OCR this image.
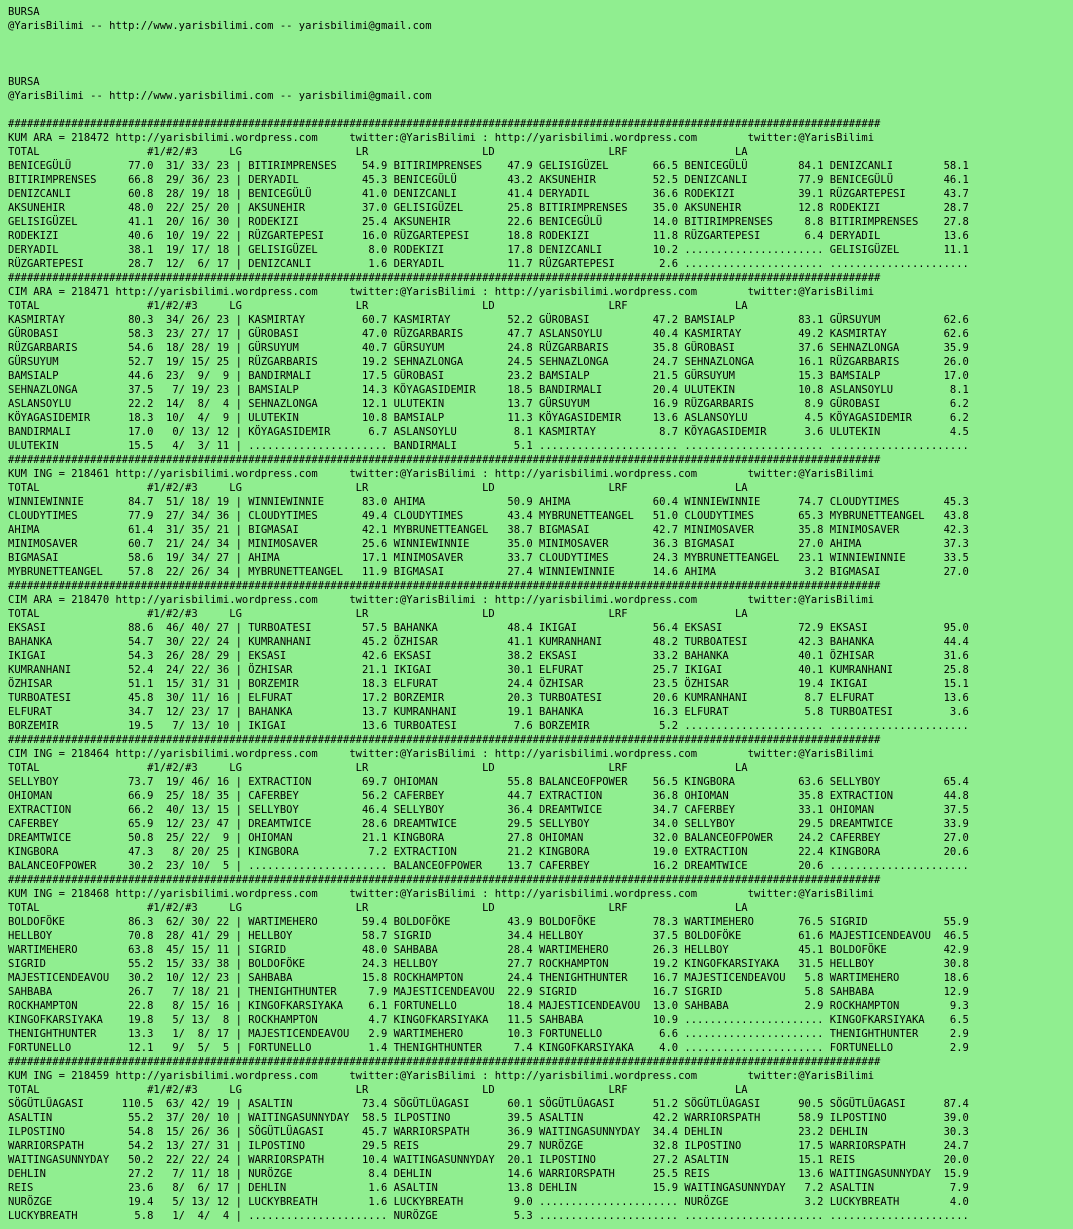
BURSA
@YarisBilimi -- http://www.yarisbilimi.com -- yarisbilimi@gmail.com
BURSA
@YarisBilimi -- http://www.yarisbilimi.com -- yarisbilimi@gmail.com
##########################################################################################################################################
KUM ARA = 218472 http://yarisbilimi.wordpress.com     twitter:@YarisBilimi : http://yarisbilimi.wordpress.com        twitter:@YarisBilimi
TOTAL                 #1/#2/#3     LG                  LR                  LD                  LRF                 LA
BENICEGÜLÜ         77.0  31/ 33/ 23 | BITIRIMPRENSES    54.9 BITIRIMPRENSES    47.9 GELISIGÜZEL       66.5 BENICEGÜLÜ        84.1 DENIZCANLI        58.1
BITIRIMPRENSES     66.8  29/ 36/ 23 | DERYADIL          45.3 BENICEGÜLÜ        43.2 AKSUNEHIR         52.5 DENIZCANLI        77.9 BENICEGÜLÜ        46.1
DENIZCANLI         60.8  28/ 19/ 18 | BENICEGÜLÜ        41.0 DENIZCANLI        41.4 DERYADIL          36.6 RODEKIZI          39.1 RÜZGARTEPESI      43.7
AKSUNEHIR          48.0  22/ 25/ 20 | AKSUNEHIR         37.0 GELISIGÜZEL       25.8 BITIRIMPRENSES    35.0 AKSUNEHIR         12.8 RODEKIZI          28.7
GELISIGÜZEL        41.1  20/ 16/ 30 | RODEKIZI          25.4 AKSUNEHIR         22.6 BENICEGÜLÜ        14.0 BITIRIMPRENSES     8.8 BITIRIMPRENSES    27.8
RODEKIZI           40.6  10/ 19/ 22 | RÜZGARTEPESI      16.0 RÜZGARTEPESI      18.8 RODEKIZI          11.8 RÜZGARTEPESI       6.4 DERYADIL          13.6
DERYADIL           38.1  19/ 17/ 18 | GELISIGÜZEL        8.0 RODEKIZI          17.8 DENIZCANLI        10.2 ...................... GELISIGÜZEL       11.1
RÜZGARTEPESI       28.7  12/  6/ 17 | DENIZCANLI         1.6 DERYADIL          11.7 RÜZGARTEPESI       2.6 ...................... ......................
##########################################################################################################################################
CIM ARA = 218471 http://yarisbilimi.wordpress.com     twitter:@YarisBilimi : http://yarisbilimi.wordpress.com        twitter:@YarisBilimi
TOTAL                 #1/#2/#3     LG                  LR                  LD                  LRF                 LA
KASMIRTAY          80.3  34/ 26/ 23 | KASMIRTAY         60.7 KASMIRTAY         52.2 GÜROBASI          47.2 BAMSIALP          83.1 GÜRSUYUM          62.6
GÜROBASI           58.3  23/ 27/ 17 | GÜROBASI          47.0 RÜZGARBARIS       47.7 ASLANSOYLU        40.4 KASMIRTAY         49.2 KASMIRTAY         62.6
RÜZGARBARIS        54.6  18/ 28/ 19 | GÜRSUYUM          40.7 GÜRSUYUM          24.8 RÜZGARBARIS       35.8 GÜROBASI          37.6 SEHNAZLONGA       35.9
GÜRSUYUM           52.7  19/ 15/ 25 | RÜZGARBARIS       19.2 SEHNAZLONGA       24.5 SEHNAZLONGA       24.7 SEHNAZLONGA       16.1 RÜZGARBARIS       26.0
BAMSIALP           44.6  23/  9/  9 | BANDIRMALI        17.5 GÜROBASI          23.2 BAMSIALP          21.5 GÜRSUYUM          15.3 BAMSIALP          17.0
SEHNAZLONGA        37.5   7/ 19/ 23 | BAMSIALP          14.3 KÖYAGASIDEMIR     18.5 BANDIRMALI        20.4 ULUTEKIN          10.8 ASLANSOYLU         8.1
ASLANSOYLU         22.2  14/  8/  4 | SEHNAZLONGA       12.1 ULUTEKIN          13.7 GÜRSUYUM          16.9 RÜZGARBARIS        8.9 GÜROBASI           6.2
KÖYAGASIDEMIR      18.3  10/  4/  9 | ULUTEKIN          10.8 BAMSIALP          11.3 KÖYAGASIDEMIR     13.6 ASLANSOYLU         4.5 KÖYAGASIDEMIR      6.2
BANDIRMALI         17.0   0/ 13/ 12 | KÖYAGASIDEMIR      6.7 ASLANSOYLU         8.1 KASMIRTAY          8.7 KÖYAGASIDEMIR      3.6 ULUTEKIN           4.5
ULUTEKIN           15.5   4/  3/ 11 | ...................... BANDIRMALI         5.1 ...................... ...................... ......................
##########################################################################################################################################
KUM ING = 218461 http://yarisbilimi.wordpress.com     twitter:@YarisBilimi : http://yarisbilimi.wordpress.com        twitter:@YarisBilimi
TOTAL                 #1/#2/#3     LG                  LR                  LD                  LRF                 LA
WINNIEWINNIE       84.7  51/ 18/ 19 | WINNIEWINNIE      83.0 AHIMA             50.9 AHIMA             60.4 WINNIEWINNIE      74.7 CLOUDYTIMES       45.3
CLOUDYTIMES        77.9  27/ 34/ 36 | CLOUDYTIMES       49.4 CLOUDYTIMES       43.4 MYBRUNETTEANGEL   51.0 CLOUDYTIMES       65.3 MYBRUNETTEANGEL   43.8
AHIMA              61.4  31/ 35/ 21 | BIGMASAI          42.1 MYBRUNETTEANGEL   38.7 BIGMASAI          42.7 MINIMOSAVER       35.8 MINIMOSAVER       42.3
MINIMOSAVER        60.7  21/ 24/ 34 | MINIMOSAVER       25.6 WINNIEWINNIE      35.0 MINIMOSAVER       36.3 BIGMASAI          27.0 AHIMA             37.3
BIGMASAI           58.6  19/ 34/ 27 | AHIMA             17.1 MINIMOSAVER       33.7 CLOUDYTIMES       24.3 MYBRUNETTEANGEL   23.1 WINNIEWINNIE      33.5
MYBRUNETTEANGEL    57.8  22/ 26/ 34 | MYBRUNETTEANGEL   11.9 BIGMASAI          27.4 WINNIEWINNIE      14.6 AHIMA              3.2 BIGMASAI          27.0
##########################################################################################################################################
CIM ARA = 218470 http://yarisbilimi.wordpress.com     twitter:@YarisBilimi : http://yarisbilimi.wordpress.com        twitter:@YarisBilimi
TOTAL                 #1/#2/#3     LG                  LR                  LD                  LRF                 LA
EKSASI             88.6  46/ 40/ 27 | TURBOATESI        57.5 BAHANKA           48.4 IKIGAI            56.4 EKSASI            72.9 EKSASI            95.0
BAHANKA            54.7  30/ 22/ 24 | KUMRANHANI        45.2 ÖZHISAR           41.1 KUMRANHANI        48.2 TURBOATESI        42.3 BAHANKA           44.4
IKIGAI             54.3  26/ 28/ 29 | EKSASI            42.6 EKSASI            38.2 EKSASI            33.2 BAHANKA           40.1 ÖZHISAR           31.6
KUMRANHANI         52.4  24/ 22/ 36 | ÖZHISAR           21.1 IKIGAI            30.1 ELFURAT           25.7 IKIGAI            40.1 KUMRANHANI        25.8
ÖZHISAR            51.1  15/ 31/ 31 | BORZEMIR          18.3 ELFURAT           24.4 ÖZHISAR           23.5 ÖZHISAR           19.4 IKIGAI            15.1
TURBOATESI         45.8  30/ 11/ 16 | ELFURAT           17.2 BORZEMIR          20.3 TURBOATESI        20.6 KUMRANHANI         8.7 ELFURAT           13.6
ELFURAT            34.7  12/ 23/ 17 | BAHANKA           13.7 KUMRANHANI        19.1 BAHANKA           16.3 ELFURAT            5.8 TURBOATESI         3.6
BORZEMIR           19.5   7/ 13/ 10 | IKIGAI            13.6 TURBOATESI         7.6 BORZEMIR           5.2 ...................... ......................
##########################################################################################################################################
CIM ING = 218464 http://yarisbilimi.wordpress.com     twitter:@YarisBilimi : http://yarisbilimi.wordpress.com        twitter:@YarisBilimi
TOTAL                 #1/#2/#3     LG                  LR                  LD                  LRF                 LA
SELLYBOY           73.7  19/ 46/ 16 | EXTRACTION        69.7 OHIOMAN           55.8 BALANCEOFPOWER    56.5 KINGBORA          63.6 SELLYBOY          65.4
OHIOMAN            66.9  25/ 18/ 35 | CAFERBEY          56.2 CAFERBEY          44.7 EXTRACTION        36.8 OHIOMAN           35.8 EXTRACTION        44.8
EXTRACTION         66.2  40/ 13/ 15 | SELLYBOY          46.4 SELLYBOY          36.4 DREAMTWICE        34.7 CAFERBEY          33.1 OHIOMAN           37.5
CAFERBEY           65.9  12/ 23/ 47 | DREAMTWICE        28.6 DREAMTWICE        29.5 SELLYBOY          34.0 SELLYBOY          29.5 DREAMTWICE        33.9
DREAMTWICE         50.8  25/ 22/  9 | OHIOMAN           21.1 KINGBORA          27.8 OHIOMAN           32.0 BALANCEOFPOWER    24.2 CAFERBEY          27.0
KINGBORA           47.3   8/ 20/ 25 | KINGBORA           7.2 EXTRACTION        21.2 KINGBORA          19.0 EXTRACTION        22.4 KINGBORA          20.6
BALANCEOFPOWER     30.2  23/ 10/  5 | ...................... BALANCEOFPOWER    13.7 CAFERBEY          16.2 DREAMTWICE        20.6 ......................
##########################################################################################################################################
KUM ING = 218468 http://yarisbilimi.wordpress.com     twitter:@YarisBilimi : http://yarisbilimi.wordpress.com        twitter:@YarisBilimi
TOTAL                 #1/#2/#3     LG                  LR                  LD                  LRF                 LA
BOLDOFÖKE          86.3  62/ 30/ 22 | WARTIMEHERO       59.4 BOLDOFÖKE         43.9 BOLDOFÖKE         78.3 WARTIMEHERO       76.5 SIGRID            55.9
HELLBOY            70.8  28/ 41/ 29 | HELLBOY           58.7 SIGRID            34.4 HELLBOY           37.5 BOLDOFÖKE         61.6 MAJESTICENDEAVOU  46.5
WARTIMEHERO        63.8  45/ 15/ 11 | SIGRID            48.0 SAHBABA           28.4 WARTIMEHERO       26.3 HELLBOY           45.1 BOLDOFÖKE         42.9
SIGRID             55.2  15/ 33/ 38 | BOLDOFÖKE         24.3 HELLBOY           27.7 ROCKHAMPTON       19.2 KINGOFKARSIYAKA   31.5 HELLBOY           30.8
MAJESTICENDEAVOU   30.2  10/ 12/ 23 | SAHBABA           15.8 ROCKHAMPTON       24.4 THENIGHTHUNTER    16.7 MAJESTICENDEAVOU   5.8 WARTIMEHERO       18.6
SAHBABA            26.7   7/ 18/ 21 | THENIGHTHUNTER     7.9 MAJESTICENDEAVOU  22.9 SIGRID            16.7 SIGRID             5.8 SAHBABA           12.9
ROCKHAMPTON        22.8   8/ 15/ 16 | KINGOFKARSIYAKA    6.1 FORTUNELLO        18.4 MAJESTICENDEAVOU  13.0 SAHBABA            2.9 ROCKHAMPTON        9.3
KINGOFKARSIYAKA    19.8   5/ 13/  8 | ROCKHAMPTON        4.7 KINGOFKARSIYAKA   11.5 SAHBABA           10.9 ...................... KINGOFKARSIYAKA    6.5
THENIGHTHUNTER     13.3   1/  8/ 17 | MAJESTICENDEAVOU   2.9 WARTIMEHERO       10.3 FORTUNELLO         6.6 ...................... THENIGHTHUNTER     2.9
FORTUNELLO         12.1   9/  5/  5 | FORTUNELLO         1.4 THENIGHTHUNTER     7.4 KINGOFKARSIYAKA    4.0 ...................... FORTUNELLO         2.9
##########################################################################################################################################
KUM ING = 218459 http://yarisbilimi.wordpress.com     twitter:@YarisBilimi : http://yarisbilimi.wordpress.com        twitter:@YarisBilimi
TOTAL                 #1/#2/#3     LG                  LR                  LD                  LRF                 LA
SÖGÜTLÜAGASI      110.5  63/ 42/ 19 | ASALTIN           73.4 SÖGÜTLÜAGASI      60.1 SÖGÜTLÜAGASI      51.2 SÖGÜTLÜAGASI      90.5 SÖGÜTLÜAGASI      87.4
ASALTIN            55.2  37/ 20/ 10 | WAITINGASUNNYDAY  58.5 ILPOSTINO         39.5 ASALTIN           42.2 WARRIORSPATH      58.9 ILPOSTINO         39.0
ILPOSTINO          54.8  15/ 26/ 36 | SÖGÜTLÜAGASI      45.7 WARRIORSPATH      36.9 WAITINGASUNNYDAY  34.4 DEHLIN            23.2 DEHLIN            30.3
WARRIORSPATH       54.2  13/ 27/ 31 | ILPOSTINO         29.5 REIS              29.7 NURÖZGE           32.8 ILPOSTINO         17.5 WARRIORSPATH      24.7
WAITINGASUNNYDAY   50.2  22/ 22/ 24 | WARRIORSPATH      10.4 WAITINGASUNNYDAY  20.1 ILPOSTINO         27.2 ASALTIN           15.1 REIS              20.0
DEHLIN             27.2   7/ 11/ 18 | NURÖZGE            8.4 DEHLIN            14.6 WARRIORSPATH      25.5 REIS              13.6 WAITINGASUNNYDAY  15.9
REIS               23.6   8/  6/ 17 | DEHLIN             1.6 ASALTIN           13.8 DEHLIN            15.9 WAITINGASUNNYDAY   7.2 ASALTIN            7.9
NURÖZGE            19.4   5/ 13/ 12 | LUCKYBREATH        1.6 LUCKYBREATH        9.0 ...................... NURÖZGE            3.2 LUCKYBREATH        4.0
LUCKYBREATH         5.8   1/  4/  4 | ...................... NURÖZGE            5.3 ...................... ...................... ......................
